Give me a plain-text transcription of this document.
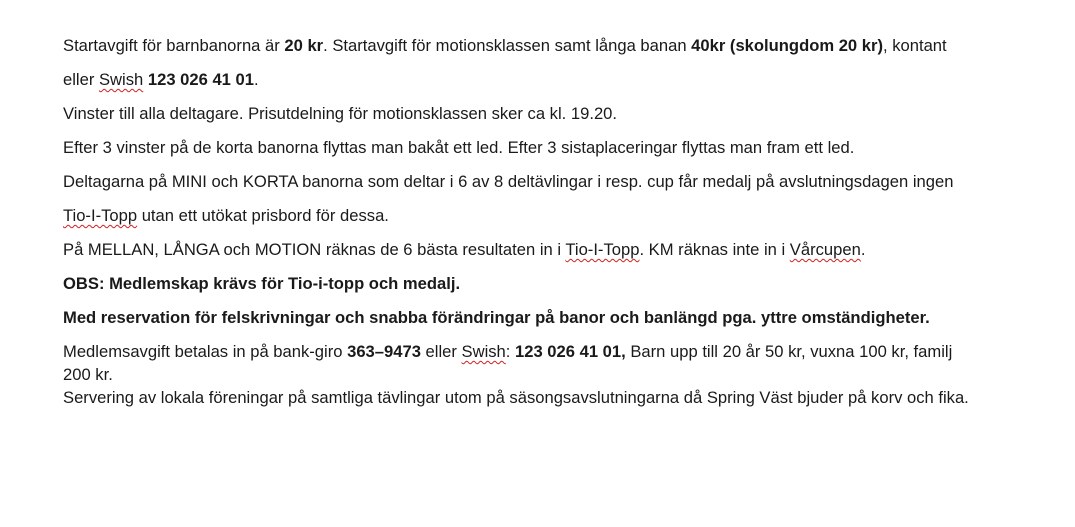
Startavgift för barnbanorna är 20 kr. Startavgift för motionsklassen samt långa banan 40kr (skolungdom 20 kr), kontant

eller Swish 123 026 41 01.

Vinster till alla deltagare. Prisutdelning för motionsklassen sker ca kl. 19.20.

Efter 3 vinster på de korta banorna flyttas man bakåt ett led. Efter 3 sistaplaceringar flyttas man fram ett led.

Deltagarna på MINI och KORTA banorna som deltar i 6 av 8 deltävlingar i resp. cup får medalj på avslutningsdagen ingen

Tio-I-Topp utan ett utökat prisbord för dessa.

På MELLAN, LÅNGA och MOTION räknas de 6 bästa resultaten in i Tio-I-Topp. KM räknas inte in i Vårcupen.

OBS: Medlemskap krävs för Tio-i-topp och medalj.

Med reservation för felskrivningar och snabba förändringar på banor och banlängd pga. yttre omständigheter.

Medlemsavgift betalas in på bank-giro 363–9473 eller Swish: 123 026 41 01, Barn upp till 20 år 50 kr, vuxna 100 kr, familj

200 kr.

Servering av lokala föreningar på samtliga tävlingar utom på säsongsavslutningarna då Spring Väst bjuder på korv och fika.
